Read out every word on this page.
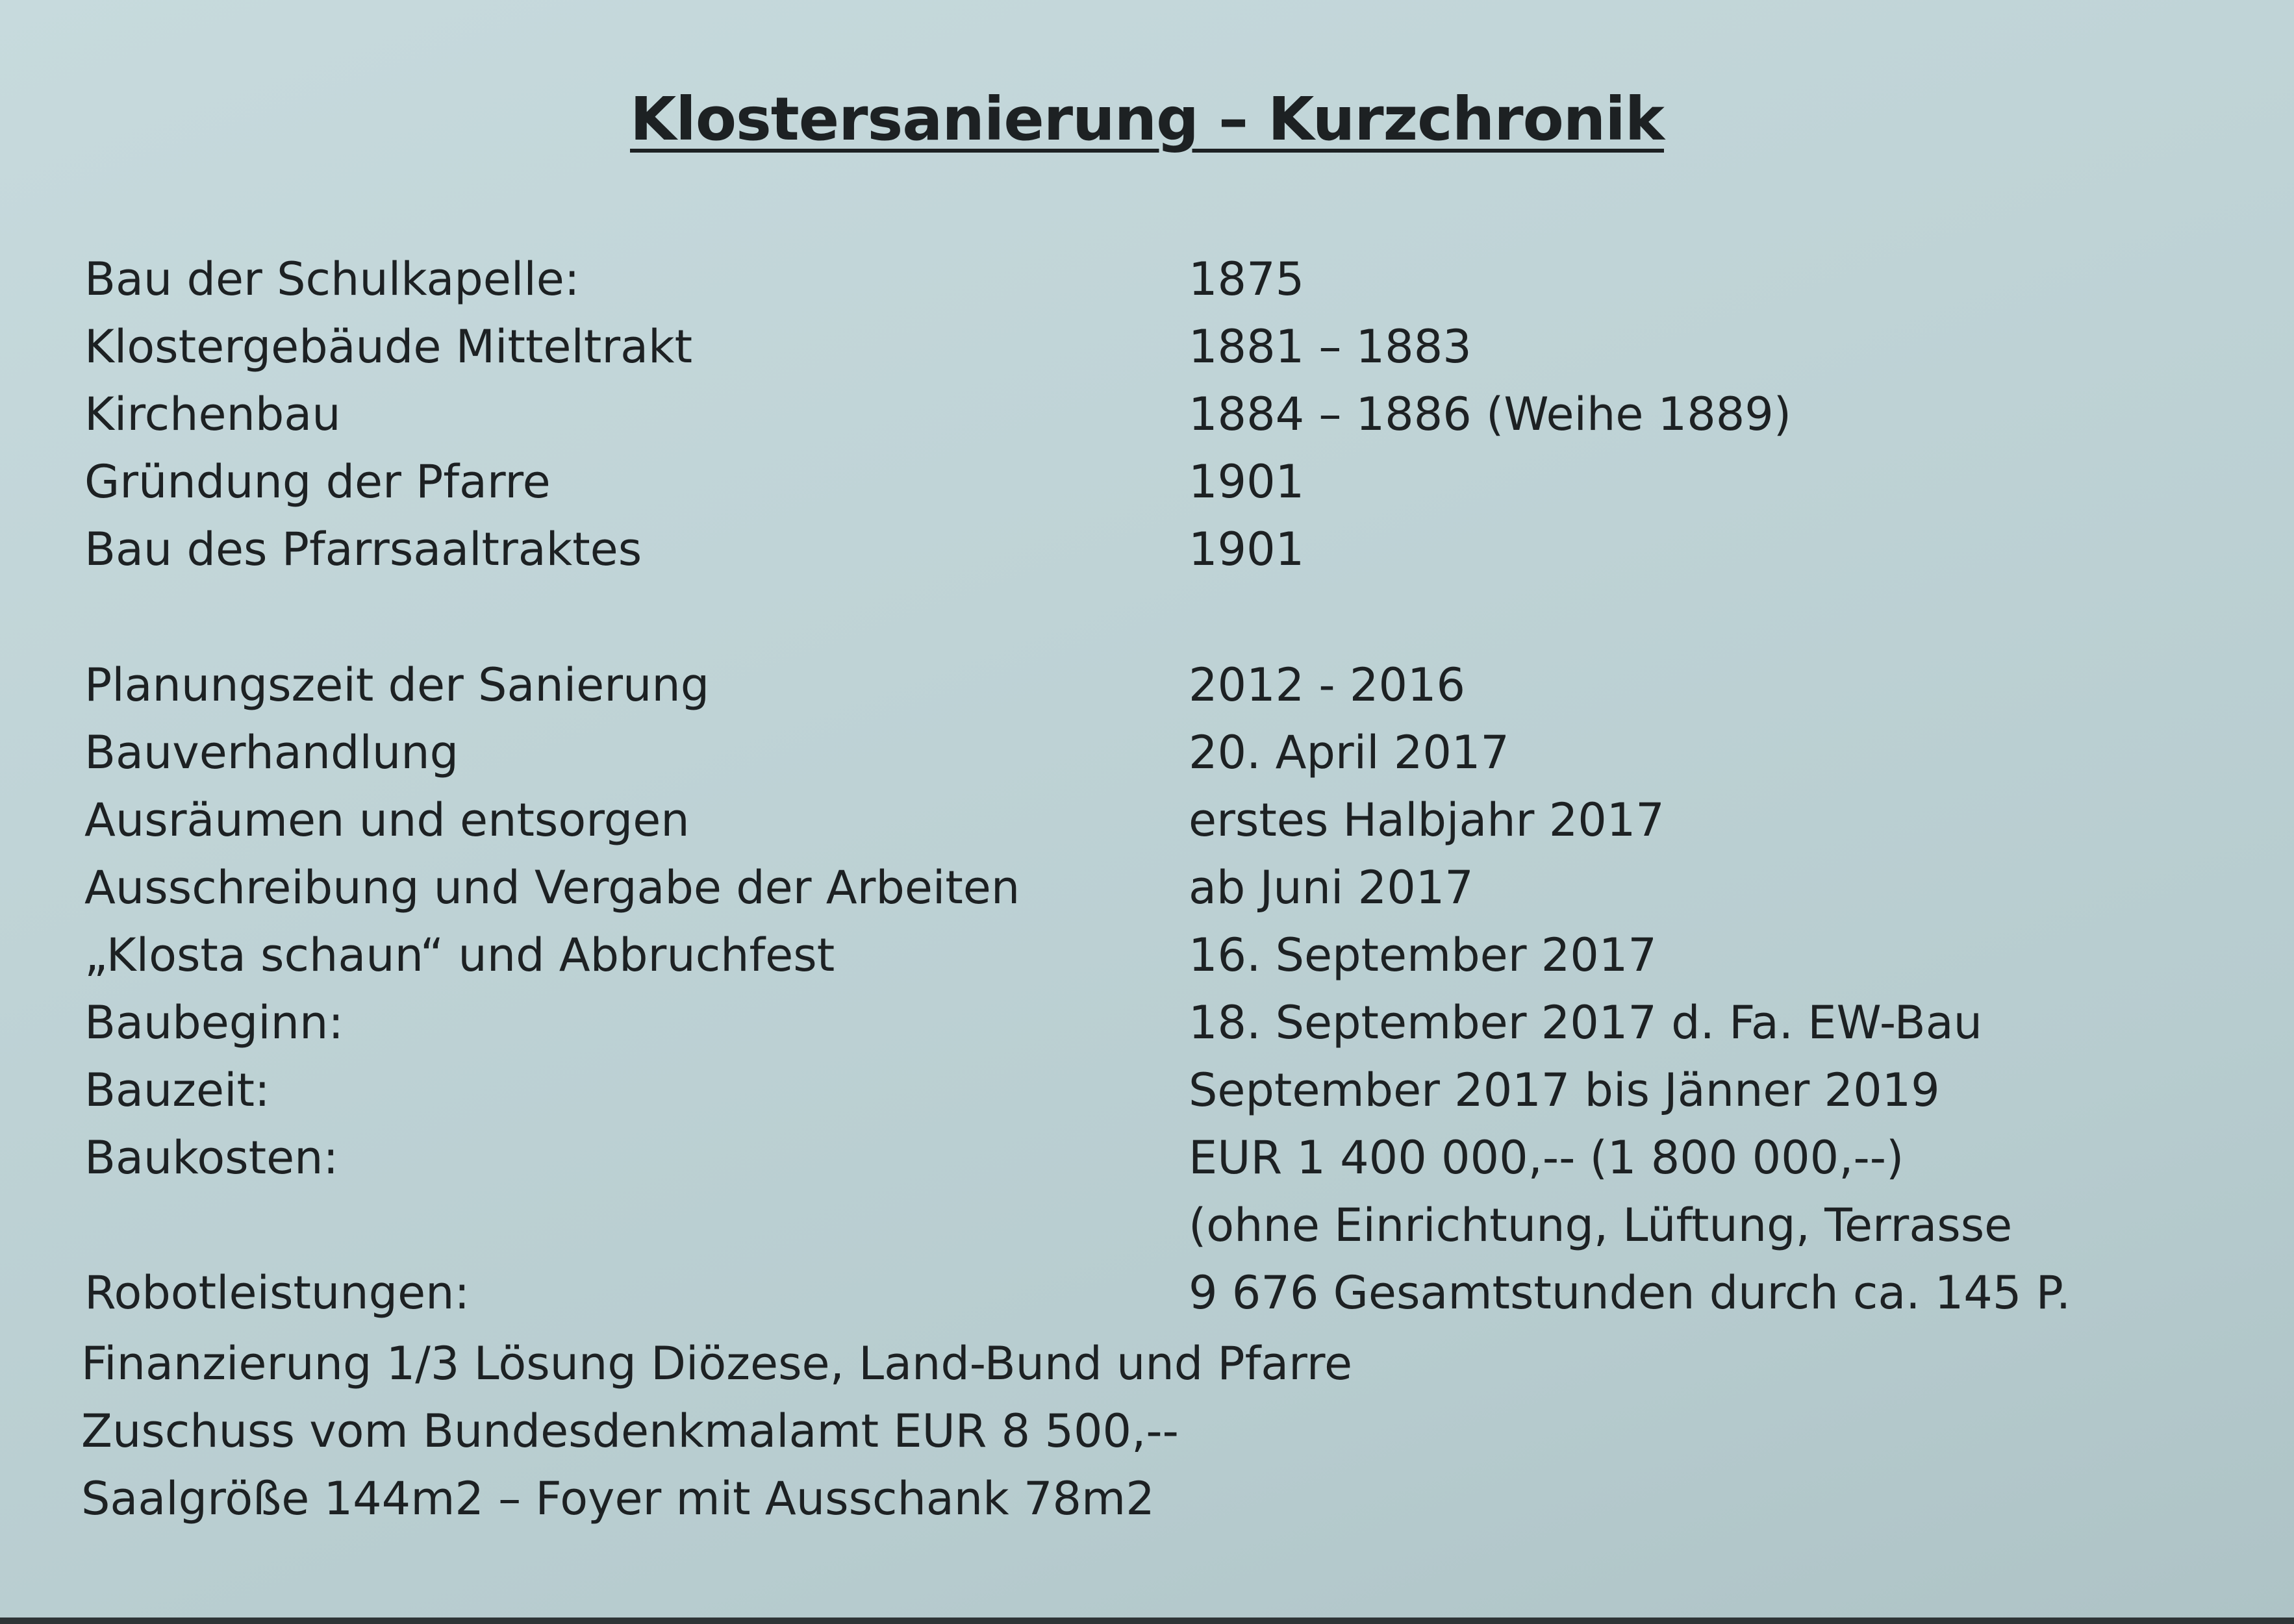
Klostersanierung – Kurzchronik
Bau der Schulkapelle:	1875
Klostergebäude Mitteltrakt	1881 – 1883
Kirchenbau	1884 – 1886 (Weihe 1889)
Gründung der Pfarre	1901
Bau des Pfarrsaaltraktes	1901
Planungszeit der Sanierung	2012 - 2016
Bauverhandlung	20. April 2017
Ausräumen und entsorgen	erstes Halbjahr 2017
Ausschreibung und Vergabe der Arbeiten	ab Juni 2017
„Klosta schaun“ und Abbruchfest	16. September 2017
Baubeginn:	18. September 2017 d. Fa. EW-Bau
Bauzeit:	September 2017 bis Jänner 2019
Baukosten:	EUR 1 400 000,-- (1 800 000,--)
(ohne Einrichtung, Lüftung, Terrasse
Robotleistungen:	9 676 Gesamtstunden durch ca. 145 P.
Finanzierung 1/3 Lösung Diözese, Land-Bund und Pfarre
Zuschuss vom Bundesdenkmalamt EUR 8 500,--
Saalgröße 144m2 – Foyer mit Ausschank 78m2
